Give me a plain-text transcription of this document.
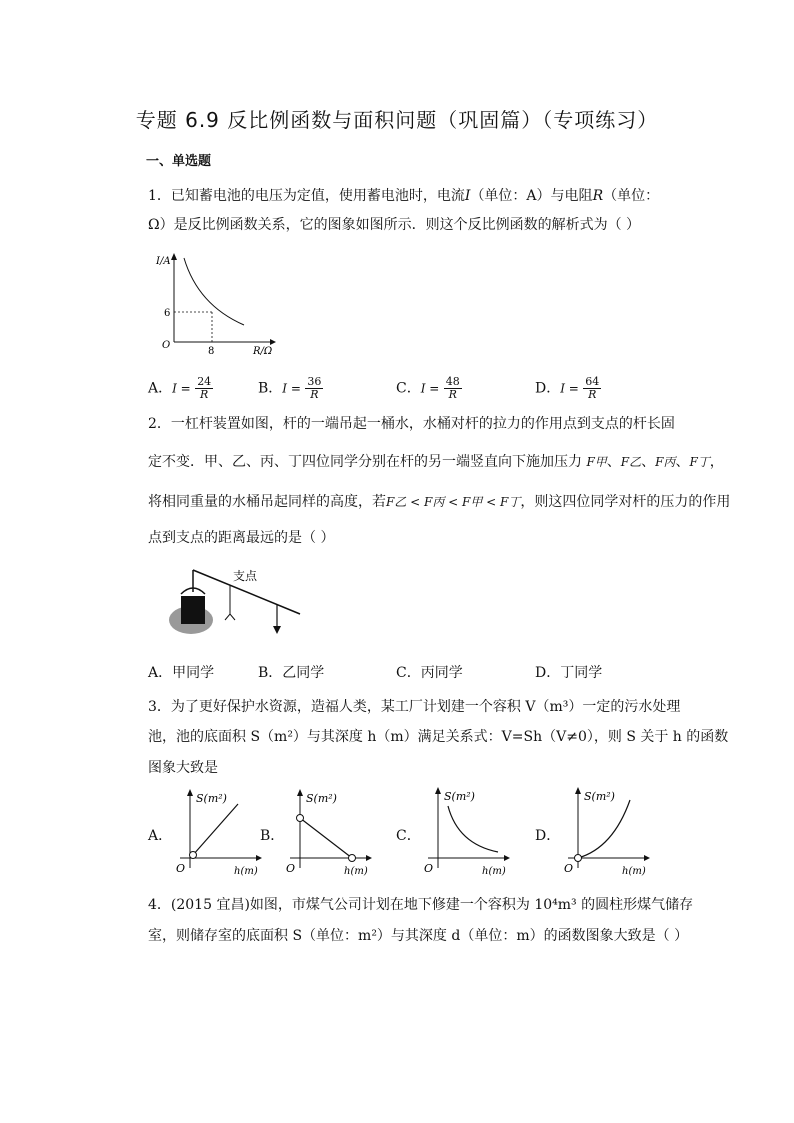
专题 6.9 反比例函数与面积问题（巩固篇）（专项练习）
一、单选题
1．已知蓄电池的电压为定值，使用蓄电池时，电流I（单位：A）与电阻R（单位：
Ω）是反比例函数关系，它的图象如图所示．则这个反比例函数的解析式为（ ）
I/A
R/Ω
O
6
8
A．$I = \frac{24}{R}$	B．$I = \frac{36}{R}$	C．$I = \frac{48}{R}$	D．$I = \frac{64}{R}$
2．一杠杆装置如图，杆的一端吊起一桶水，水桶对杆的拉力的作用点到支点的杆长固
定不变．甲、乙、丙、丁四位同学分别在杆的另一端竖直向下施加压力 F甲、F乙、F丙、F丁，
将相同重量的水桶吊起同样的高度，若F乙 < F丙 < F甲 < F丁，则这四位同学对杆的压力的作用
点到支点的距离最远的是（ ）
支点
A．甲同学	B．乙同学	C．丙同学	D．丁同学
3．为了更好保护水资源，造福人类，某工厂计划建一个容积 V（m³）一定的污水处理
池，池的底面积 S（m²）与其深度 h（m）满足关系式：V=Sh（V≠0），则 S 关于 h 的函数
图象大致是
A．
S(m²)
h(m)
O
B．
S(m²)
h(m)
O
C．
S(m²)
h(m)
O
D．
S(m²)
h(m)
O
4．(2015 宜昌)如图，市煤气公司计划在地下修建一个容积为 10⁴m³ 的圆柱形煤气储存
室，则储存室的底面积 S（单位：m²）与其深度 d（单位：m）的函数图象大致是（ ）
